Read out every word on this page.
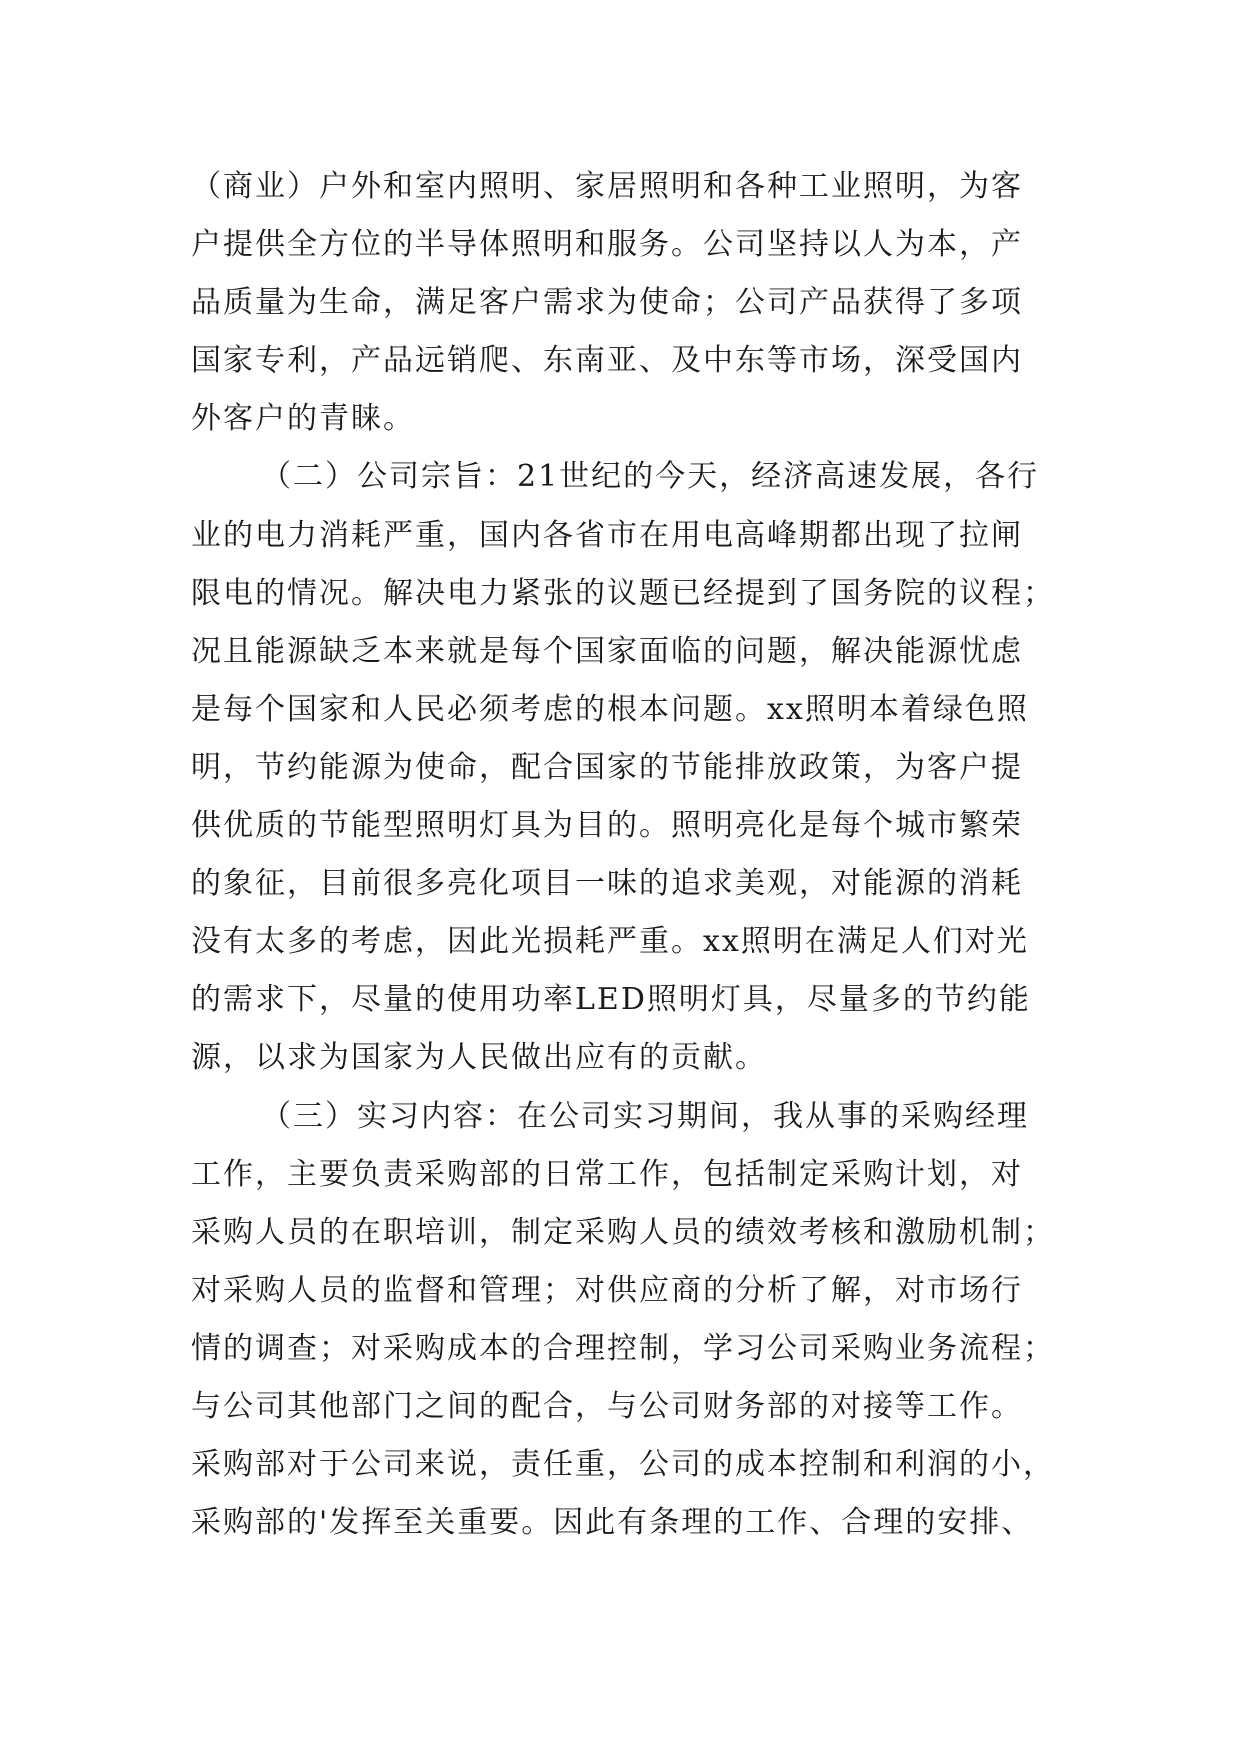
（商业）户外和室内照明、家居照明和各种工业照明，为客
户提供全方位的半导体照明和服务。公司坚持以人为本，产
品质量为生命，满足客户需求为使命；公司产品获得了多项
国家专利，产品远销爬、东南亚、及中东等市场，深受国内
外客户的青睐。
（二）公司宗旨：21世纪的今天，经济高速发展，各行
业的电力消耗严重，国内各省市在用电高峰期都出现了拉闸
限电的情况。解决电力紧张的议题已经提到了国务院的议程；
况且能源缺乏本来就是每个国家面临的问题，解决能源忧虑
是每个国家和人民必须考虑的根本问题。xx照明本着绿色照
明，节约能源为使命，配合国家的节能排放政策，为客户提
供优质的节能型照明灯具为目的。照明亮化是每个城市繁荣
的象征，目前很多亮化项目一味的追求美观，对能源的消耗
没有太多的考虑，因此光损耗严重。xx照明在满足人们对光
的需求下，尽量的使用功率LED照明灯具，尽量多的节约能
源，以求为国家为人民做出应有的贡献。
（三）实习内容：在公司实习期间，我从事的采购经理
工作，主要负责采购部的日常工作，包括制定采购计划，对
采购人员的在职培训，制定采购人员的绩效考核和激励机制；
对采购人员的监督和管理；对供应商的分析了解，对市场行
情的调查；对采购成本的合理控制，学习公司采购业务流程；
与公司其他部门之间的配合，与公司财务部的对接等工作。
采购部对于公司来说，责任重，公司的成本控制和利润的小，
采购部的'发挥至关重要。因此有条理的工作、合理的安排、
